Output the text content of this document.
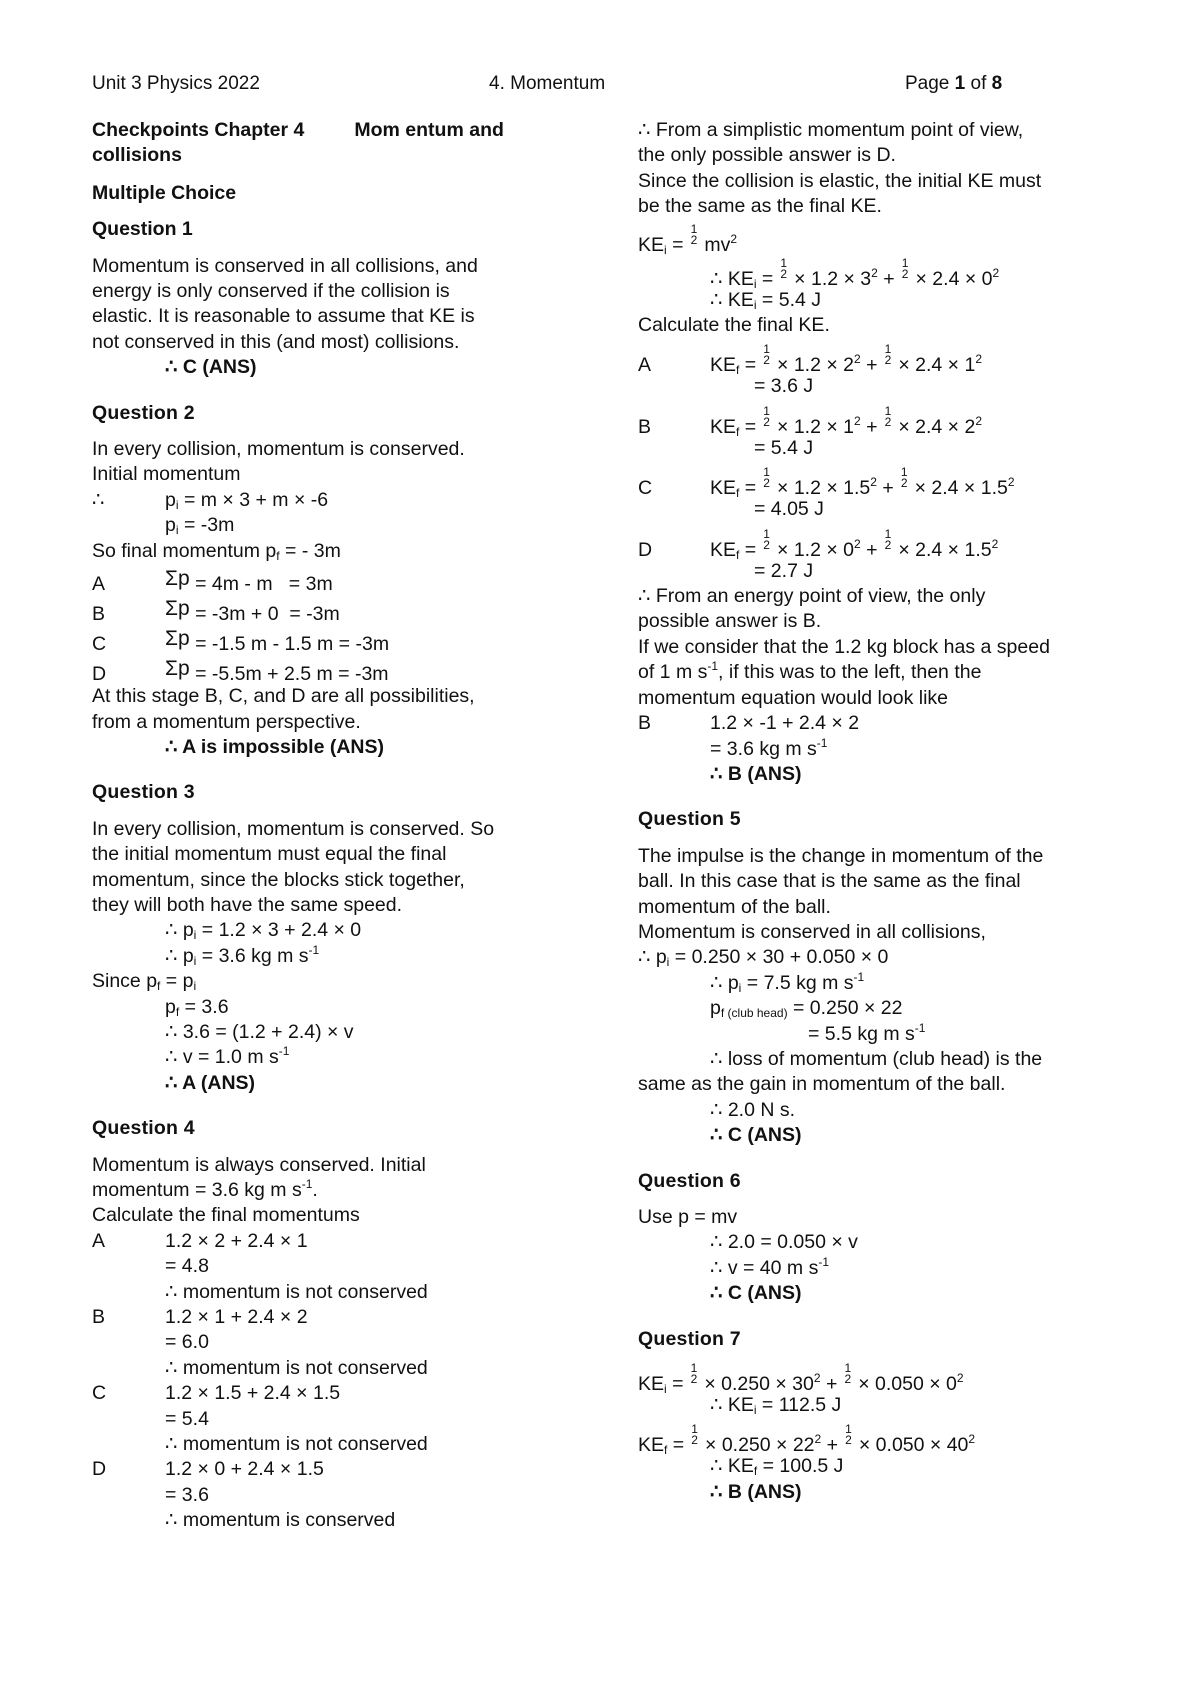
Unit 3 Physics 2022	4. Momentum	Page 1 of 8
Checkpoints Chapter 4	Mom entum and
collisions
Multiple Choice
Question 1
Momentum is conserved in all collisions, and
energy is only conserved if the collision is
elastic. It is reasonable to assume that KE is
not conserved in this (and most) collisions.
∴ C (ANS)
Question 2
In every collision, momentum is conserved.
Initial momentum
∴	$p_i = m \times 3 + m \times -6$
$p_i = -3m$
So final momentum $p_f$ = - 3m
A	Σp = 4m - m   = 3m
B	Σp = -3m + 0  = -3m
C	Σp = -1.5 m - 1.5 m = -3m
D	Σp = -5.5m + 2.5 m = -3m
At this stage B, C, and D are all possibilities,
from a momentum perspective.
∴ A is impossible (ANS)
Question 3
In every collision, momentum is conserved. So
the initial momentum must equal the final
momentum, since the blocks stick together,
they will both have the same speed.
∴ $p_i = 1.2 \times 3 + 2.4 \times 0$
∴ $p_i = 3.6$ kg m $s^{-1}$
Since $p_f = p_i$
$p_f = 3.6$
∴ 3.6 = (1.2 + 2.4) × v
∴ v = 1.0 m $s^{-1}$
∴ A (ANS)
Question 4
Momentum is always conserved. Initial
momentum = 3.6 kg m $s^{-1}$.
Calculate the final momentums
A	1.2 × 2 + 2.4 × 1
= 4.8
∴ momentum is not conserved
B	1.2 × 1 + 2.4 × 2
= 6.0
∴ momentum is not conserved
C	1.2 × 1.5 + 2.4 × 1.5
= 5.4
∴ momentum is not conserved
D	1.2 × 0 + 2.4 × 1.5
= 3.6
∴ momentum is conserved
∴ From a simplistic momentum point of view,
the only possible answer is D.
Since the collision is elastic, the initial KE must
be the same as the final KE.
$KE_i$ =
1
2 $mv^2$
∴ $KE_i$ =
1
$2 \times 1.2 \times 3^2$ +
1
$2 \times 2.4 \times 0^2$
∴ $KE_i = 5.4$ J
Calculate the final KE.
A	$KE_f$ =
1
$2 \times 1.2 \times 2^2$ +
1
$2 \times 2.4 \times 1^2$
= 3.6 J
B	$KE_f$ =
1
$2 \times 1.2 \times 1^2$ +
1
$2 \times 2.4 \times 2^2$
= 5.4 J
C	$KE_f$ =
1
$2 \times 1.2 \times 1.5^2$ +
1
$2 \times 2.4 \times 1.5^2$
= 4.05 J
D	$KE_f$ =
1
$2 \times 1.2 \times 0^2$ +
1
$2 \times 2.4 \times 1.5^2$
= 2.7 J
∴ From an energy point of view, the only
possible answer is B.
If we consider that the 1.2 kg block has a speed
of 1 m $s^{-1}$, if this was to the left, then the
momentum equation would look like
B	1.2 × -1 + 2.4 × 2
= 3.6 kg m $s^{-1}$
∴ B (ANS)
Question 5
The impulse is the change in momentum of the
ball. In this case that is the same as the final
momentum of the ball.
Momentum is conserved in all collisions,
∴ $p_i = 0.250 \times 30 + 0.050 \times 0$
∴ $p_i = 7.5$ kg m $s^{-1}$
$p_{f (club head)} = 0.250 \times 22$
= 5.5 kg m $s^{-1}$
∴ loss of momentum (club head) is the
same as the gain in momentum of the ball.
∴ 2.0 N s.
∴ C (ANS)
Question 6
Use p = mv
∴ 2.0 = 0.050 × v
∴ v = 40 m $s^{-1}$
∴ C (ANS)
Question 7
$KE_i$ =
1
$2 \times 0.250 \times 30^2$ +
1
$2 \times 0.050 \times 0^2$
∴ $KE_i = 112.5$ J
$KE_f$ =
1
$2 \times 0.250 \times 22^2$ +
1
$2 \times 0.050 \times 40^2$
∴ $KE_f = 100.5$ J
∴ B (ANS)
